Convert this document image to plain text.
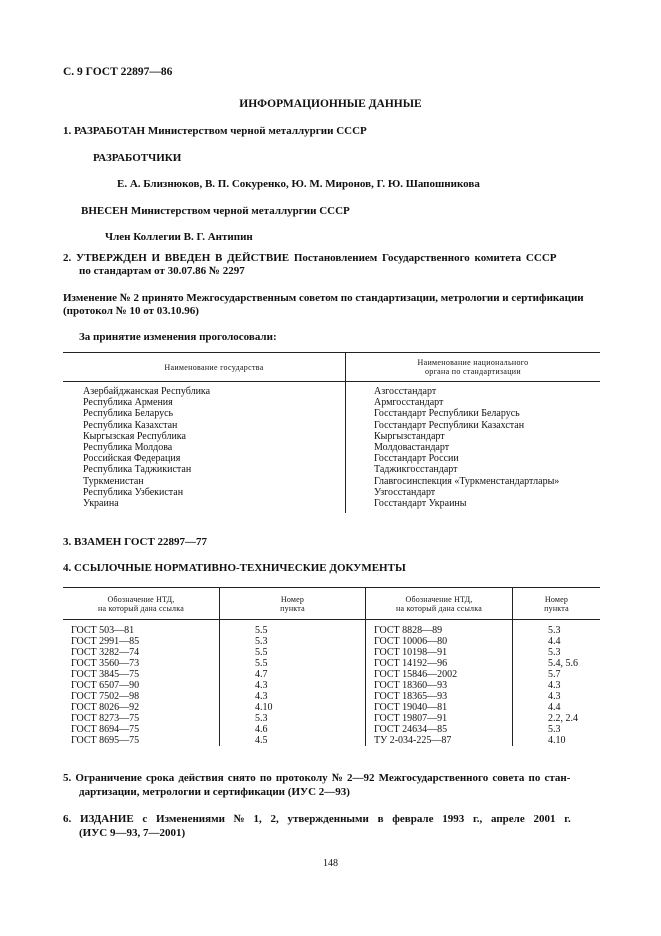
С. 9 ГОСТ 22897—86
ИНФОРМАЦИОННЫЕ ДАННЫЕ
1. РАЗРАБОТАН Министерством черной металлургии СССР
РАЗРАБОТЧИКИ
Е. А. Близнюков, В. П. Сокуренко, Ю. М. Миронов, Г. Ю. Шапошникова
ВНЕСЕН Министерством черной металлургии СССР
Член Коллегии В. Г. Антипин
2. УТВЕРЖДЕН И ВВЕДЕН В ДЕЙСТВИЕ Постановлением Государственного комитета СССР
по стандартам от 30.07.86 № 2297
Изменение № 2 принято Межгосударственным советом по стандартизации, метрологии и сертификации
(протокол № 10 от 03.10.96)
За принятие изменения проголосовали:
Наименование государства	Наименование национального
органа по стандартизации

Азербайджанская Республика	Азгосстандарт
Республика Армения	Армгосстандарт
Республика Беларусь	Госстандарт Республики Беларусь
Республика Казахстан	Госстандарт Республики Казахстан
Кыргызская Республика	Кыргызстандарт
Республика Молдова	Молдовастандарт
Российская Федерация	Госстандарт России
Республика Таджикистан	Таджикгосстандарт
Туркменистан	Главгосинспекция «Туркменстандартлары»
Республика Узбекистан	Узгосстандарт
Украина	Госстандарт Украины
3. ВЗАМЕН ГОСТ 22897—77
4. ССЫЛОЧНЫЕ НОРМАТИВНО-ТЕХНИЧЕСКИЕ ДОКУМЕНТЫ
Обозначение НТД,
на который дана ссылка	Номер
пункта	Обозначение НТД,
на который дана ссылка	Номер
пункта

ГОСТ 503—81	5.5	ГОСТ 8828—89	5.3
ГОСТ 2991—85	5.3	ГОСТ 10006—80	4.4
ГОСТ 3282—74	5.5	ГОСТ 10198—91	5.3
ГОСТ 3560—73	5.5	ГОСТ 14192—96	5.4, 5.6
ГОСТ 3845—75	4.7	ГОСТ 15846—2002	5.7
ГОСТ 6507—90	4.3	ГОСТ 18360—93	4.3
ГОСТ 7502—98	4.3	ГОСТ 18365—93	4.3
ГОСТ 8026—92	4.10	ГОСТ 19040—81	4.4
ГОСТ 8273—75	5.3	ГОСТ 19807—91	2.2, 2.4
ГОСТ 8694—75	4.6	ГОСТ 24634—85	5.3
ГОСТ 8695—75	4.5	ТУ 2-034-225—87	4.10
5. Ограничение срока действия снято по протоколу № 2—92 Межгосударственного совета по стан-
дартизации, метрологии и сертификации (ИУС 2—93)
6. ИЗДАНИЕ с Изменениями № 1, 2, утвержденными в феврале 1993 г., апреле 2001 г.
(ИУС 9—93, 7—2001)
148
